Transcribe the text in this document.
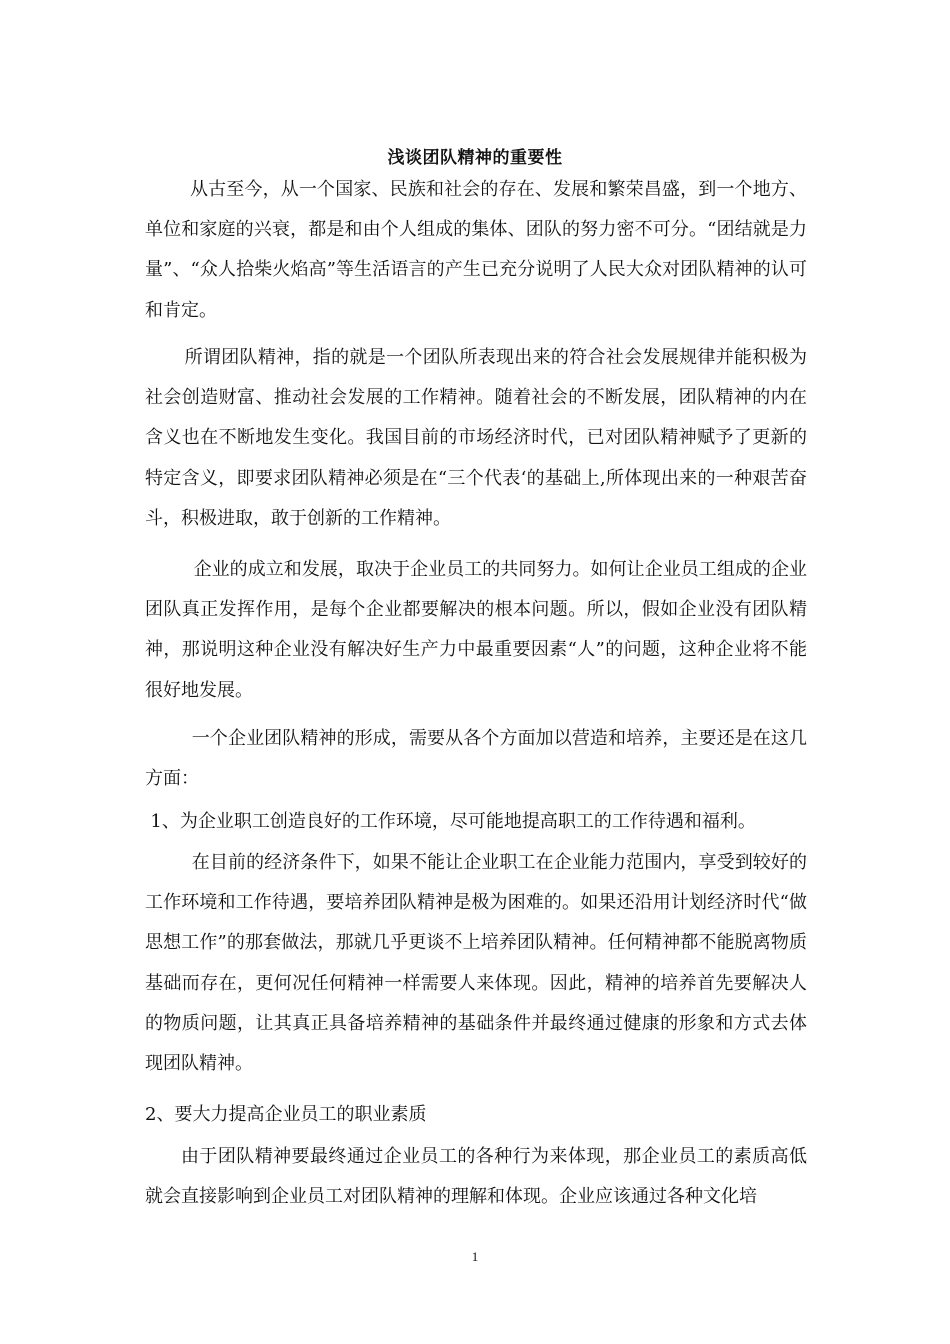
浅谈团队精神的重要性

从古至今，从一个国家、民族和社会的存在、发展和繁荣昌盛，到一个地方、单位和家庭的兴衰，都是和由个人组成的集体、团队的努力密不可分。“团结就是力量”、“众人拾柴火焰高”等生活语言的产生已充分说明了人民大众对团队精神的认可和肯定。

所谓团队精神，指的就是一个团队所表现出来的符合社会发展规律并能积极为社会创造财富、推动社会发展的工作精神。随着社会的不断发展，团队精神的内在含义也在不断地发生变化。我国目前的市场经济时代，已对团队精神赋予了更新的特定含义，即要求团队精神必须是在“三个代表‘的基础上,所体现出来的一种艰苦奋斗，积极进取，敢于创新的工作精神。

企业的成立和发展，取决于企业员工的共同努力。如何让企业员工组成的企业团队真正发挥作用，是每个企业都要解决的根本问题。所以，假如企业没有团队精神，那说明这种企业没有解决好生产力中最重要因素“人”的问题，这种企业将不能很好地发展。

一个企业团队精神的形成，需要从各个方面加以营造和培养，主要还是在这几方面：

1、为企业职工创造良好的工作环境，尽可能地提高职工的工作待遇和福利。

在目前的经济条件下，如果不能让企业职工在企业能力范围内，享受到较好的工作环境和工作待遇，要培养团队精神是极为困难的。如果还沿用计划经济时代“做思想工作”的那套做法，那就几乎更谈不上培养团队精神。任何精神都不能脱离物质基础而存在，更何况任何精神一样需要人来体现。因此，精神的培养首先要解决人的物质问题，让其真正具备培养精神的基础条件并最终通过健康的形象和方式去体现团队精神。

2、要大力提高企业员工的职业素质

由于团队精神要最终通过企业员工的各种行为来体现，那企业员工的素质高低就会直接影响到企业员工对团队精神的理解和体现。企业应该通过各种文化培

1
